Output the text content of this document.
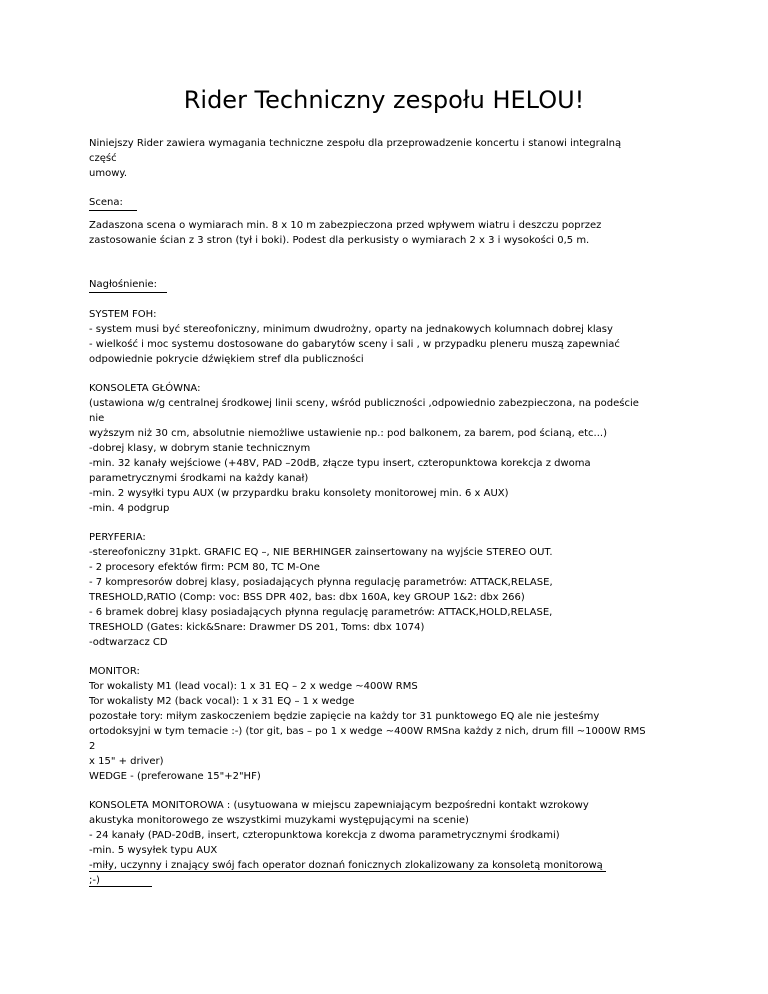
Rider Techniczny zespołu HELOU!

Niniejszy Rider zawiera wymagania techniczne zespołu dla przeprowadzenie koncertu i stanowi integralną część

umowy.

Scena:

Zadaszona scena o wymiarach min. 8 x 10 m zabezpieczona przed wpływem wiatru i deszczu poprzez

zastosowanie ścian z 3 stron (tył i boki). Podest dla perkusisty o wymiarach 2 x 3 i wysokości 0,5 m.

Nagłośnienie:

SYSTEM FOH:

- system musi być stereofoniczny, minimum dwudrożny, oparty na jednakowych kolumnach dobrej klasy

- wielkość i moc systemu dostosowane do gabarytów sceny i sali , w przypadku pleneru muszą zapewniać

odpowiednie pokrycie dźwiękiem stref dla publiczności

KONSOLETA GŁÓWNA:

(ustawiona w/g centralnej środkowej linii sceny, wśród publiczności ,odpowiednio zabezpieczona, na podeście nie

wyższym niż 30 cm, absolutnie niemożliwe ustawienie np.: pod balkonem, za barem, pod ścianą, etc...)

-dobrej klasy, w dobrym stanie technicznym

-min. 32 kanały wejściowe (+48V, PAD –20dB, złącze typu insert, czteropunktowa korekcja z dwoma

parametrycznymi środkami na każdy kanał)

-min. 2 wysyłki typu AUX (w przypardku braku konsolety monitorowej min. 6 x AUX)

-min. 4 podgrup

PERYFERIA:

-stereofoniczny 31pkt. GRAFIC EQ –, NIE BERHINGER zainsertowany na wyjście STEREO OUT.

- 2 procesory efektów firm: PCM 80, TC M-One

- 7 kompresorów dobrej klasy, posiadających płynna regulację parametrów: ATTACK,RELASE,

TRESHOLD,RATIO (Comp: voc: BSS DPR 402, bas: dbx 160A, key GROUP 1&2: dbx 266)

- 6 bramek dobrej klasy posiadających płynna regulację parametrów: ATTACK,HOLD,RELASE,

TRESHOLD (Gates: kick&Snare: Drawmer DS 201, Toms: dbx 1074)

-odtwarzacz CD

MONITOR:

Tor wokalisty M1 (lead vocal): 1 x 31 EQ – 2 x wedge ~400W RMS

Tor wokalisty M2 (back vocal): 1 x 31 EQ – 1 x wedge

pozostałe tory: miłym zaskoczeniem będzie zapięcie na każdy tor 31 punktowego EQ ale nie jesteśmy

ortodoksyjni w tym temacie :-) (tor git, bas – po 1 x wedge ~400W RMSna każdy z nich, drum fill ~1000W RMS 2

x 15" + driver)

WEDGE - (preferowane 15"+2"HF)

KONSOLETA MONITOROWA : (usytuowana w miejscu zapewniającym bezpośredni kontakt wzrokowy

akustyka monitorowego ze wszystkimi muzykami występującymi na scenie)

- 24 kanały (PAD-20dB, insert, czteropunktowa korekcja z dwoma parametrycznymi środkami)

-min. 5 wysyłek typu AUX

-miły, uczynny i znający swój fach operator doznań fonicznych zlokalizowany za konsoletą monitorową ;-)
